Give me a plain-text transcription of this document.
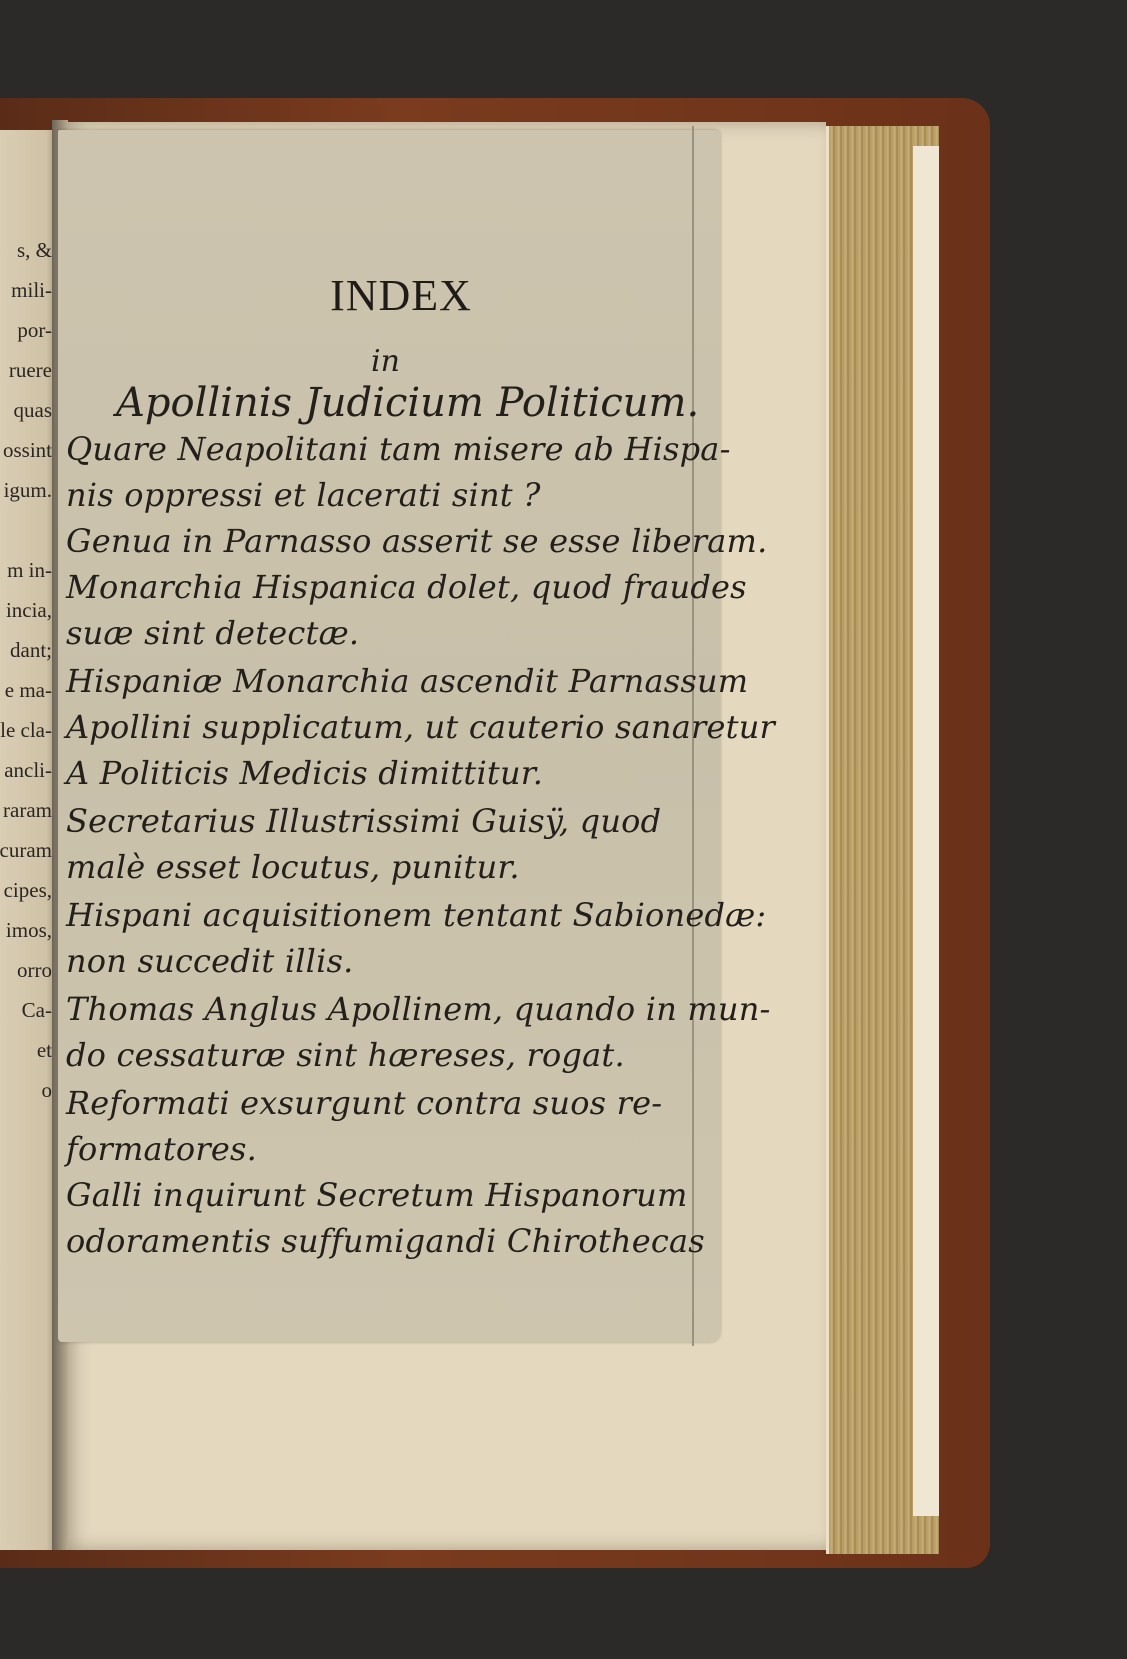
s, &
mili-
por-
ruere
quas
ossint
igum.
m in-
incia,
dant;
e ma-
le cla-
ancli-
raram
curam
cipes,
imos,
orro
Ca-
et
o
INDEX
in
Apollinis Judicium Politicum.
Quare Neapolitani tam misere ab Hispa-
nis oppressi et lacerati sint ?
Genua in Parnasso asserit se esse liberam.
Monarchia Hispanica dolet, quod fraudes
suæ sint detectæ.
Hispaniæ Monarchia ascendit Parnassum
Apollini supplicatum, ut cauterio sanaretur
A Politicis Medicis dimittitur.
Secretarius Illustrissimi Guisÿ, quod
malè esset locutus, punitur.
Hispani acquisitionem tentant Sabionedæ:
non succedit illis.
Thomas Anglus Apollinem, quando in mun-
do cessaturæ sint hæreses, rogat.
Reformati exsurgunt contra suos re-
formatores.
Galli inquirunt Secretum Hispanorum
odoramentis suffumigandi Chirothecas
